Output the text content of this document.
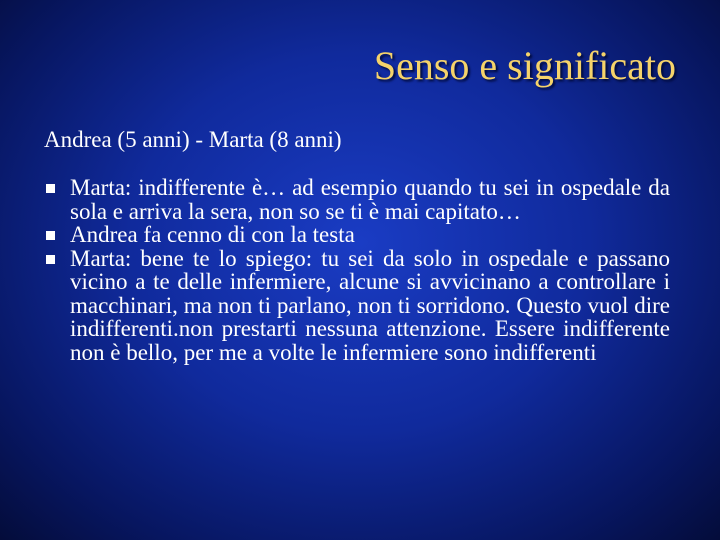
Senso e significato

Andrea (5 anni) - Marta (8 anni)

Marta: indifferente è… ad esempio quando tu sei in ospedale da sola e arriva la sera, non so se ti è mai capitato…
Andrea fa cenno di con la testa
Marta: bene te lo spiego: tu sei da solo in ospedale e passano vicino a te delle infermiere, alcune si avvicinano a controllare i macchinari, ma non ti parlano, non ti sorridono. Questo vuol dire indifferenti.non prestarti nessuna attenzione. Essere indifferente non è bello, per me a volte le infermiere sono indifferenti
